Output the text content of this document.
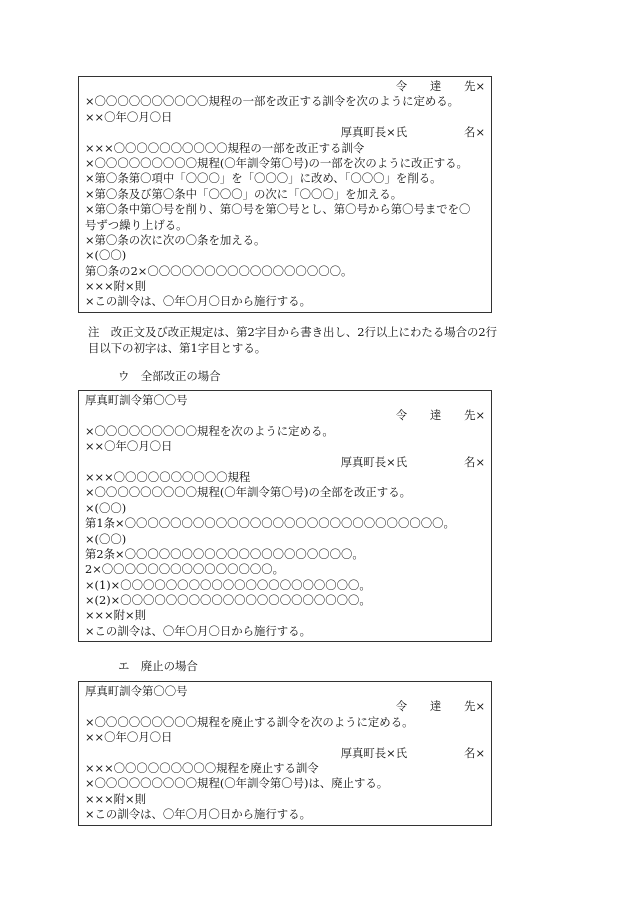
令　　達　　先×
×〇〇〇〇〇〇〇〇〇〇規程の一部を改正する訓令を次のように定める。
××〇年〇月〇日
厚真町長×氏　　　　　名×
×××〇〇〇〇〇〇〇〇〇〇規程の一部を改正する訓令
×〇〇〇〇〇〇〇〇〇規程(〇年訓令第〇号)の一部を次のように改正する。
×第〇条第〇項中「〇〇〇」を「〇〇〇」に改め、「〇〇〇」を削る。
×第〇条及び第〇条中「〇〇〇」の次に「〇〇〇」を加える。
×第〇条中第〇号を削り、第〇号を第〇号とし、第〇号から第〇号までを〇
号ずつ繰り上げる。
×第〇条の次に次の〇条を加える。
×(〇〇)
第〇条の2×〇〇〇〇〇〇〇〇〇〇〇〇〇〇〇〇〇。
×××附×則
×この訓令は、〇年〇月〇日から施行する。
注　改正文及び改正規定は、第2字目から書き出し、2行以上にわたる場合の2行目以下の初字は、第1字目とする。
ウ　全部改正の場合
厚真町訓令第〇〇号
令　　達　　先×
×〇〇〇〇〇〇〇〇〇規程を次のように定める。
××〇年〇月〇日
厚真町長×氏　　　　　名×
×××〇〇〇〇〇〇〇〇〇〇規程
×〇〇〇〇〇〇〇〇〇規程(〇年訓令第〇号)の全部を改正する。
×(〇〇)
第1条×〇〇〇〇〇〇〇〇〇〇〇〇〇〇〇〇〇〇〇〇〇〇〇〇〇〇〇〇。
×(〇〇)
第2条×〇〇〇〇〇〇〇〇〇〇〇〇〇〇〇〇〇〇〇〇。
2×〇〇〇〇〇〇〇〇〇〇〇〇〇〇〇。
×(1)×〇〇〇〇〇〇〇〇〇〇〇〇〇〇〇〇〇〇〇〇〇。
×(2)×〇〇〇〇〇〇〇〇〇〇〇〇〇〇〇〇〇〇〇〇〇。
×××附×則
×この訓令は、〇年〇月〇日から施行する。
エ　廃止の場合
厚真町訓令第〇〇号
令　　達　　先×
×〇〇〇〇〇〇〇〇〇規程を廃止する訓令を次のように定める。
××〇年〇月〇日
厚真町長×氏　　　　　名×
×××〇〇〇〇〇〇〇〇〇規程を廃止する訓令
×〇〇〇〇〇〇〇〇〇規程(〇年訓令第〇号)は、廃止する。
×××附×則
×この訓令は、〇年〇月〇日から施行する。
